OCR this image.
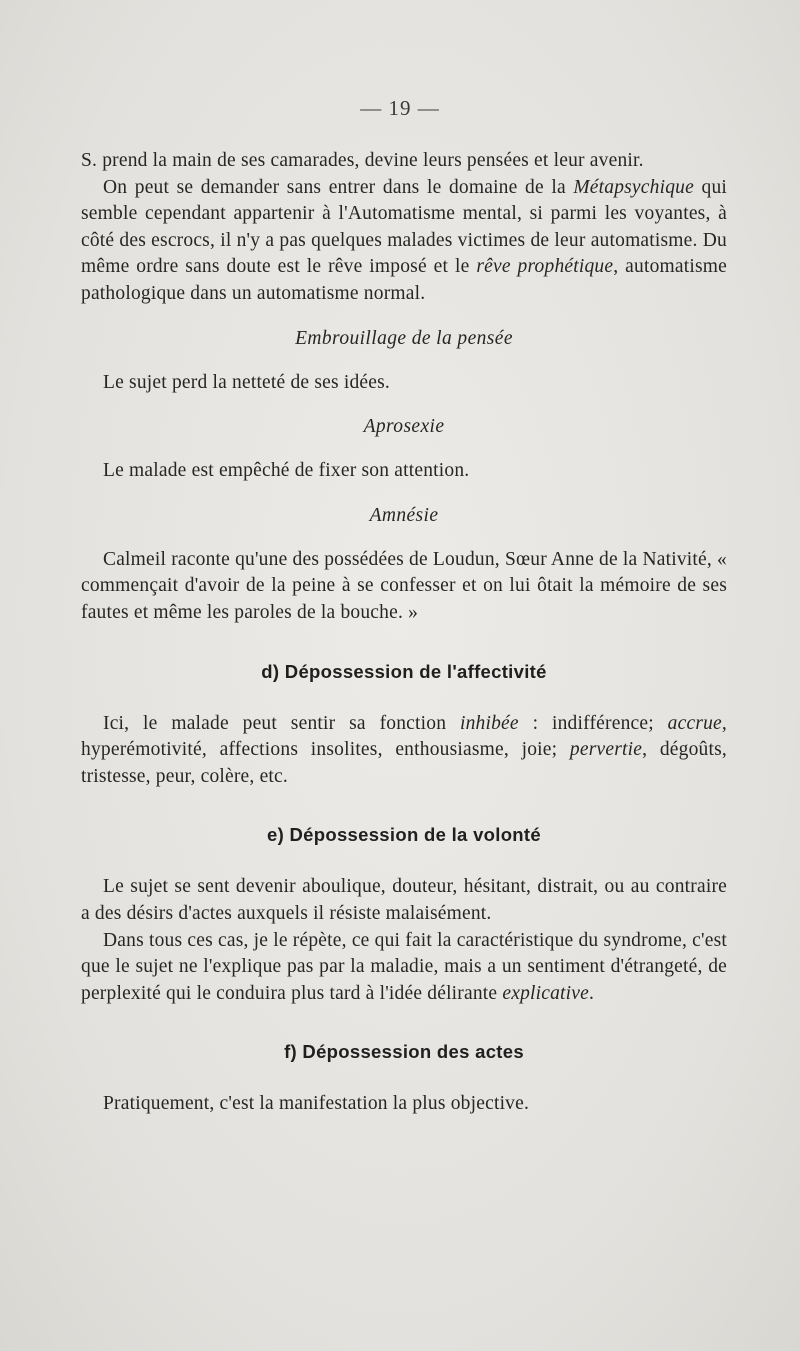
— 19 —

S. prend la main de ses camarades, devine leurs pensées et leur avenir.

On peut se demander sans entrer dans le domaine de la Métapsychique qui semble cependant appartenir à l'Automatisme mental, si parmi les voyantes, à côté des escrocs, il n'y a pas quelques malades victimes de leur automatisme. Du même ordre sans doute est le rêve imposé et le rêve prophétique, automatisme pathologique dans un automatisme normal.

Embrouillage de la pensée

Le sujet perd la netteté de ses idées.

Aprosexie

Le malade est empêché de fixer son attention.

Amnésie

Calmeil raconte qu'une des possédées de Loudun, Sœur Anne de la Nativité, « commençait d'avoir de la peine à se confesser et on lui ôtait la mémoire de ses fautes et même les paroles de la bouche. »

d) Dépossession de l'affectivité

Ici, le malade peut sentir sa fonction inhibée : indifférence; accrue, hyperémotivité, affections insolites, enthousiasme, joie; pervertie, dégoûts, tristesse, peur, colère, etc.

e) Dépossession de la volonté

Le sujet se sent devenir aboulique, douteur, hésitant, distrait, ou au contraire a des désirs d'actes auxquels il résiste malaisément.

Dans tous ces cas, je le répète, ce qui fait la caractéristique du syndrome, c'est que le sujet ne l'explique pas par la maladie, mais a un sentiment d'étrangeté, de perplexité qui le conduira plus tard à l'idée délirante explicative.

f) Dépossession des actes

Pratiquement, c'est la manifestation la plus objective.
